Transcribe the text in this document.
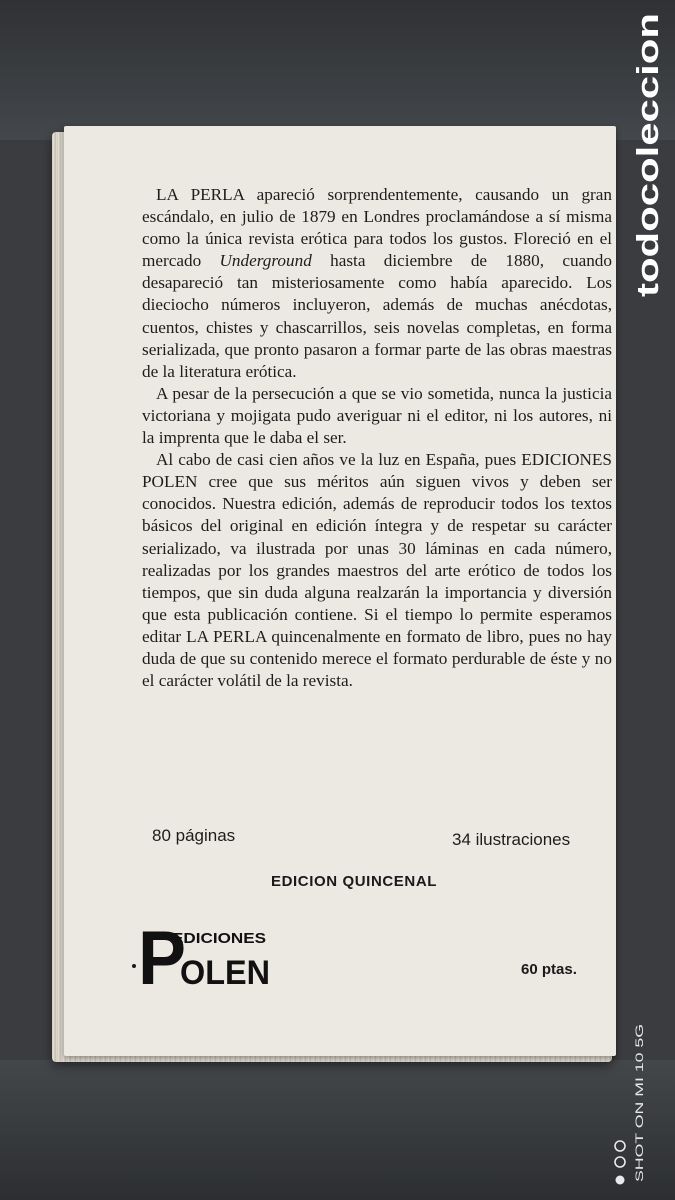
LA PERLA apareció sorprendentemente, causando un gran escándalo, en julio de 1879 en Londres proclamándose a sí misma como la única revista erótica para todos los gustos. Floreció en el mercado Underground hasta diciembre de 1880, cuando desapareció tan misteriosamente como había aparecido. Los dieciocho números incluyeron, además de muchas anécdotas, cuentos, chistes y chascarrillos, seis novelas completas, en forma serializada, que pronto pasaron a formar parte de las obras maestras de la literatura erótica.

A pesar de la persecución a que se vio sometida, nunca la justicia victoriana y mojigata pudo averiguar ni el editor, ni los autores, ni la imprenta que le daba el ser.

Al cabo de casi cien años ve la luz en España, pues EDICIONES POLEN cree que sus méritos aún siguen vivos y deben ser conocidos. Nuestra edición, además de reproducir todos los textos básicos del original en edición íntegra y de respetar su carácter serializado, va ilustrada por unas 30 láminas en cada número, realizadas por los grandes maestros del arte erótico de todos los tiempos, que sin duda alguna realzarán la importancia y diversión que esta publicación contiene. Si el tiempo lo permite esperamos editar LA PERLA quincenalmente en formato de libro, pues no hay duda de que su contenido merece el formato perdurable de éste y no el carácter volátil de la revista.

80 páginas	34 ilustraciones
EDICION QUINCENAL
P
EDICIONES
OLEN	60 ptas.
todocoleccion
SHOT ON MI 10 5G
